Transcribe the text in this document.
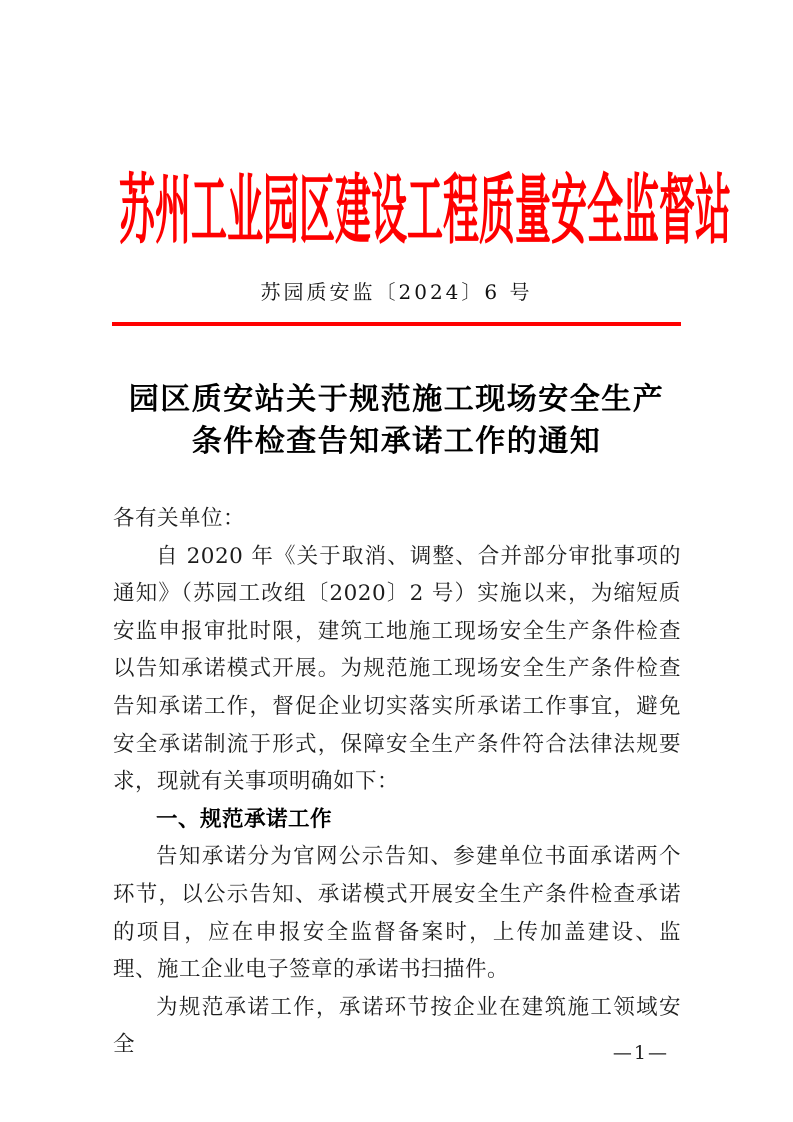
苏州工业园区建设工程质量安全监督站
苏园质安监〔2024〕6 号
园区质安站关于规范施工现场安全生产
条件检查告知承诺工作的通知

各有关单位：

自 2020 年《关于取消、调整、合并部分审批事项的通知》（苏园工改组〔2020〕2 号）实施以来，为缩短质安监申报审批时限，建筑工地施工现场安全生产条件检查以告知承诺模式开展。为规范施工现场安全生产条件检查告知承诺工作，督促企业切实落实所承诺工作事宜，避免安全承诺制流于形式，保障安全生产条件符合法律法规要求，现就有关事项明确如下：

一、规范承诺工作

告知承诺分为官网公示告知、参建单位书面承诺两个环节，以公示告知、承诺模式开展安全生产条件检查承诺的项目，应在申报安全监督备案时，上传加盖建设、监理、施工企业电子签章的承诺书扫描件。

为规范承诺工作，承诺环节按企业在建筑施工领域安全	—1—
